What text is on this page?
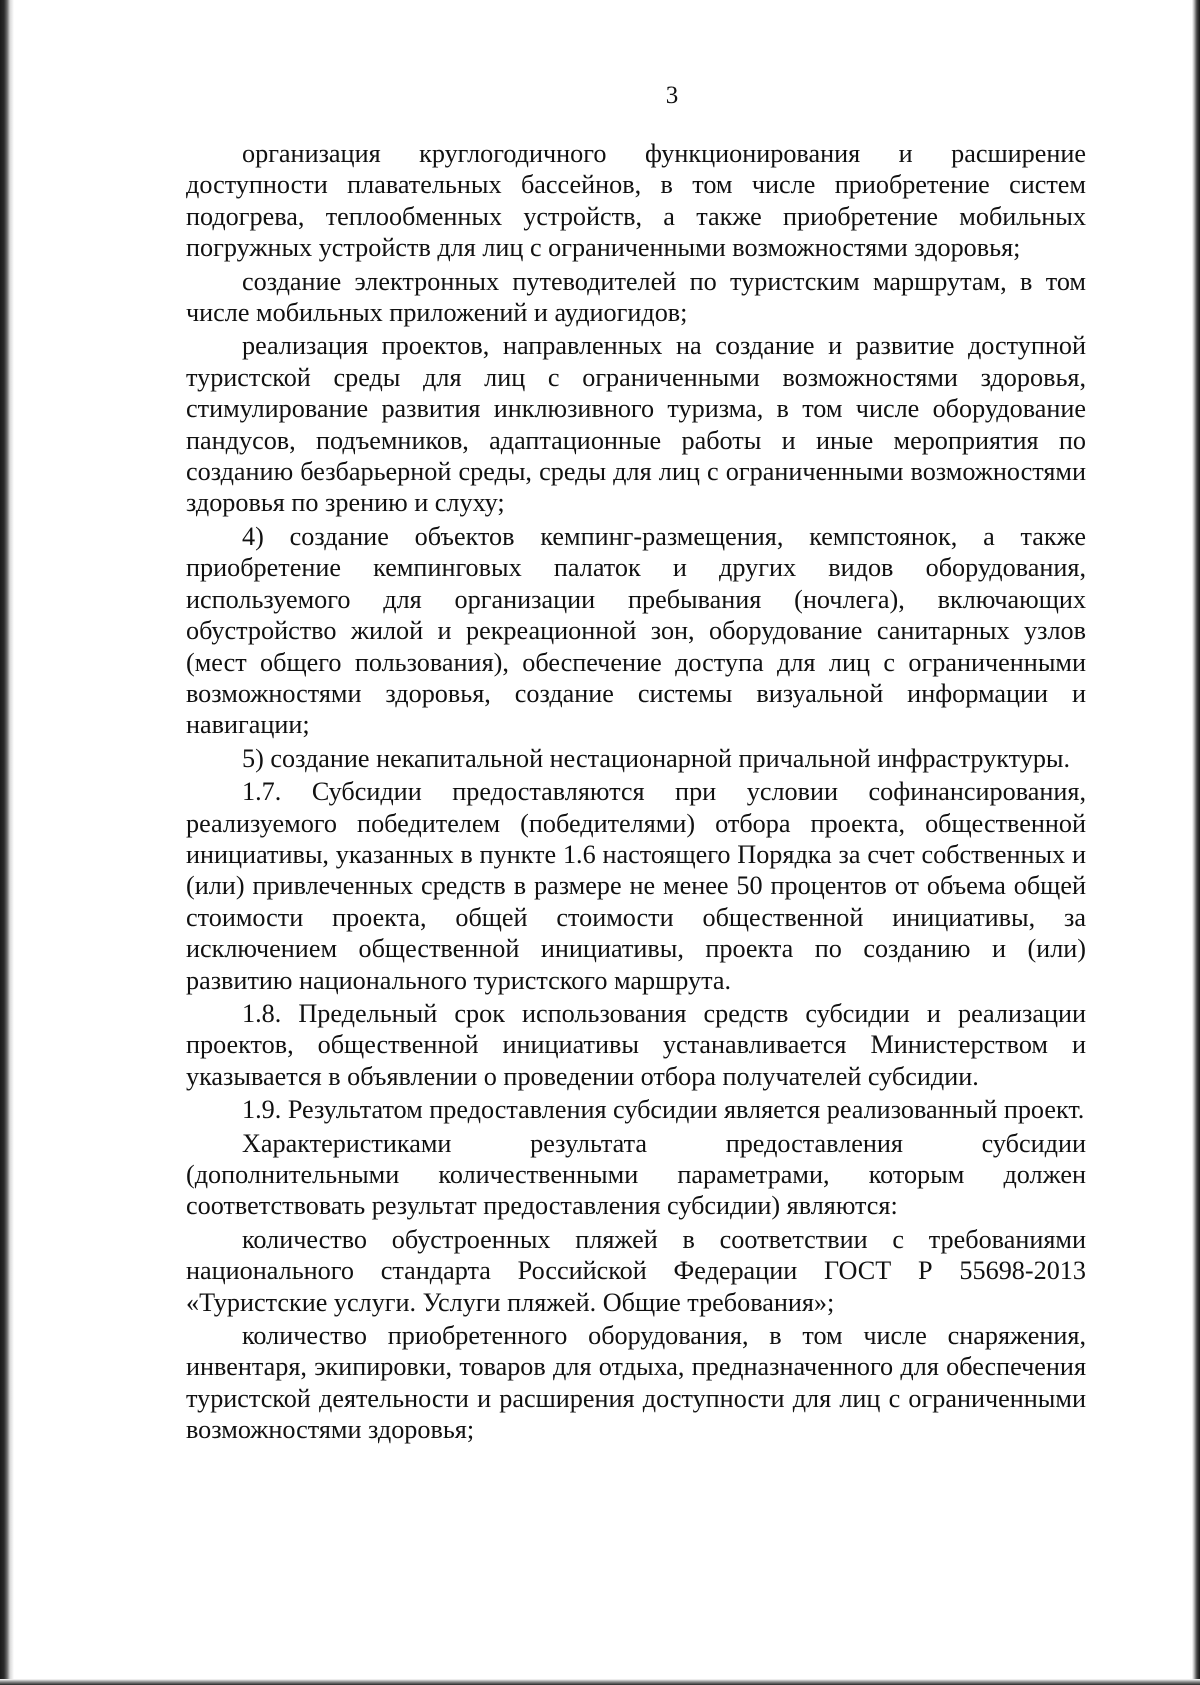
3

организация круглогодичного функционирования и расширение доступности плавательных бассейнов, в том числе приобретение систем подогрева, теплообменных устройств, а также приобретение мобильных погружных устройств для лиц с ограниченными возможностями здоровья;

создание электронных путеводителей по туристским маршрутам, в том числе мобильных приложений и аудиогидов;

реализация проектов, направленных на создание и развитие доступной туристской среды для лиц с ограниченными возможностями здоровья, стимулирование развития инклюзивного туризма, в том числе оборудование пандусов, подъемников, адаптационные работы и иные мероприятия по созданию безбарьерной среды, среды для лиц с ограниченными возможностями здоровья по зрению и слуху;

4) создание объектов кемпинг-размещения, кемпстоянок, а также приобретение кемпинговых палаток и других видов оборудования, используемого для организации пребывания (ночлега), включающих обустройство жилой и рекреационной зон, оборудование санитарных узлов (мест общего пользования), обеспечение доступа для лиц с ограниченными возможностями здоровья, создание системы визуальной информации и навигации;

5) создание некапитальной нестационарной причальной инфраструктуры.

1.7. Субсидии предоставляются при условии софинансирования, реализуемого победителем (победителями) отбора проекта, общественной инициативы, указанных в пункте 1.6 настоящего Порядка за счет собственных и (или) привлеченных средств в размере не менее 50 процентов от объема общей стоимости проекта, общей стоимости общественной инициативы, за исключением общественной инициативы, проекта по созданию и (или) развитию национального туристского маршрута.

1.8. Предельный срок использования средств субсидии и реализации проектов, общественной инициативы устанавливается Министерством и указывается в объявлении о проведении отбора получателей субсидии.

1.9. Результатом предоставления субсидии является реализованный проект.

Характеристиками результата предоставления субсидии (дополнительными количественными параметрами, которым должен соответствовать результат предоставления субсидии) являются:

количество обустроенных пляжей в соответствии с требованиями национального стандарта Российской Федерации ГОСТ Р 55698-2013 «Туристские услуги. Услуги пляжей. Общие требования»;

количество приобретенного оборудования, в том числе снаряжения, инвентаря, экипировки, товаров для отдыха, предназначенного для обеспечения туристской деятельности и расширения доступности для лиц с ограниченными возможностями здоровья;
